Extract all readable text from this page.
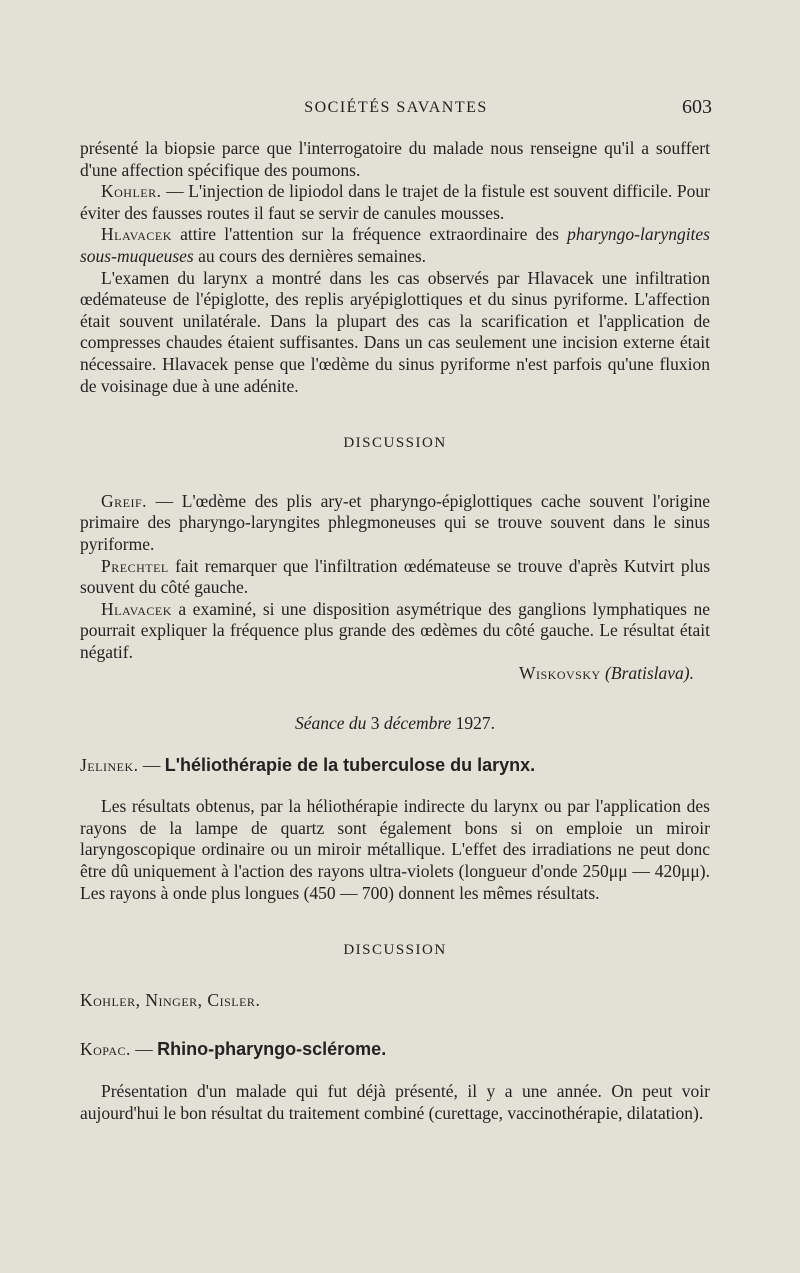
SOCIÉTÉS SAVANTES	603

présenté la biopsie parce que l'interrogatoire du malade nous renseigne qu'il a souffert d'une affection spécifique des poumons.

Kohler. — L'injection de lipiodol dans le trajet de la fistule est souvent difficile. Pour éviter des fausses routes il faut se servir de canules mousses.

Hlavacek attire l'attention sur la fréquence extraordinaire des pharyngo-laryngites sous-muqueuses au cours des dernières semaines.

L'examen du larynx a montré dans les cas observés par Hlavacek une infiltration œdémateuse de l'épiglotte, des replis aryépiglottiques et du sinus pyriforme. L'affection était souvent unilatérale. Dans la plupart des cas la scarification et l'application de compresses chaudes étaient suffisantes. Dans un cas seulement une incision externe était nécessaire. Hlavacek pense que l'œdème du sinus pyriforme n'est parfois qu'une fluxion de voisinage due à une adénite.

DISCUSSION

Greif. — L'œdème des plis ary-et pharyngo-épiglottiques cache souvent l'origine primaire des pharyngo-laryngites phlegmoneuses qui se trouve souvent dans le sinus pyriforme.

Prechtel fait remarquer que l'infiltration œdémateuse se trouve d'après Kutvirt plus souvent du côté gauche.

Hlavacek a examiné, si une disposition asymétrique des ganglions lymphatiques ne pourrait expliquer la fréquence plus grande des œdèmes du côté gauche. Le résultat était négatif.

Wiskovsky (Bratislava).

Séance du 3 décembre 1927.

Jelinek. — L'héliothérapie de la tuberculose du larynx.

Les résultats obtenus, par la héliothérapie indirecte du larynx ou par l'application des rayons de la lampe de quartz sont également bons si on emploie un miroir laryngoscopique ordinaire ou un miroir métallique. L'effet des irradiations ne peut donc être dû uniquement à l'action des rayons ultra-violets (longueur d'onde 250μμ — 420μμ). Les rayons à onde plus longues (450 — 700) donnent les mêmes résultats.

DISCUSSION

Kohler, Ninger, Cisler.

Kopac. — Rhino-pharyngo-sclérome.

Présentation d'un malade qui fut déjà présenté, il y a une année. On peut voir aujourd'hui le bon résultat du traitement combiné (curettage, vaccinothérapie, dilatation).
